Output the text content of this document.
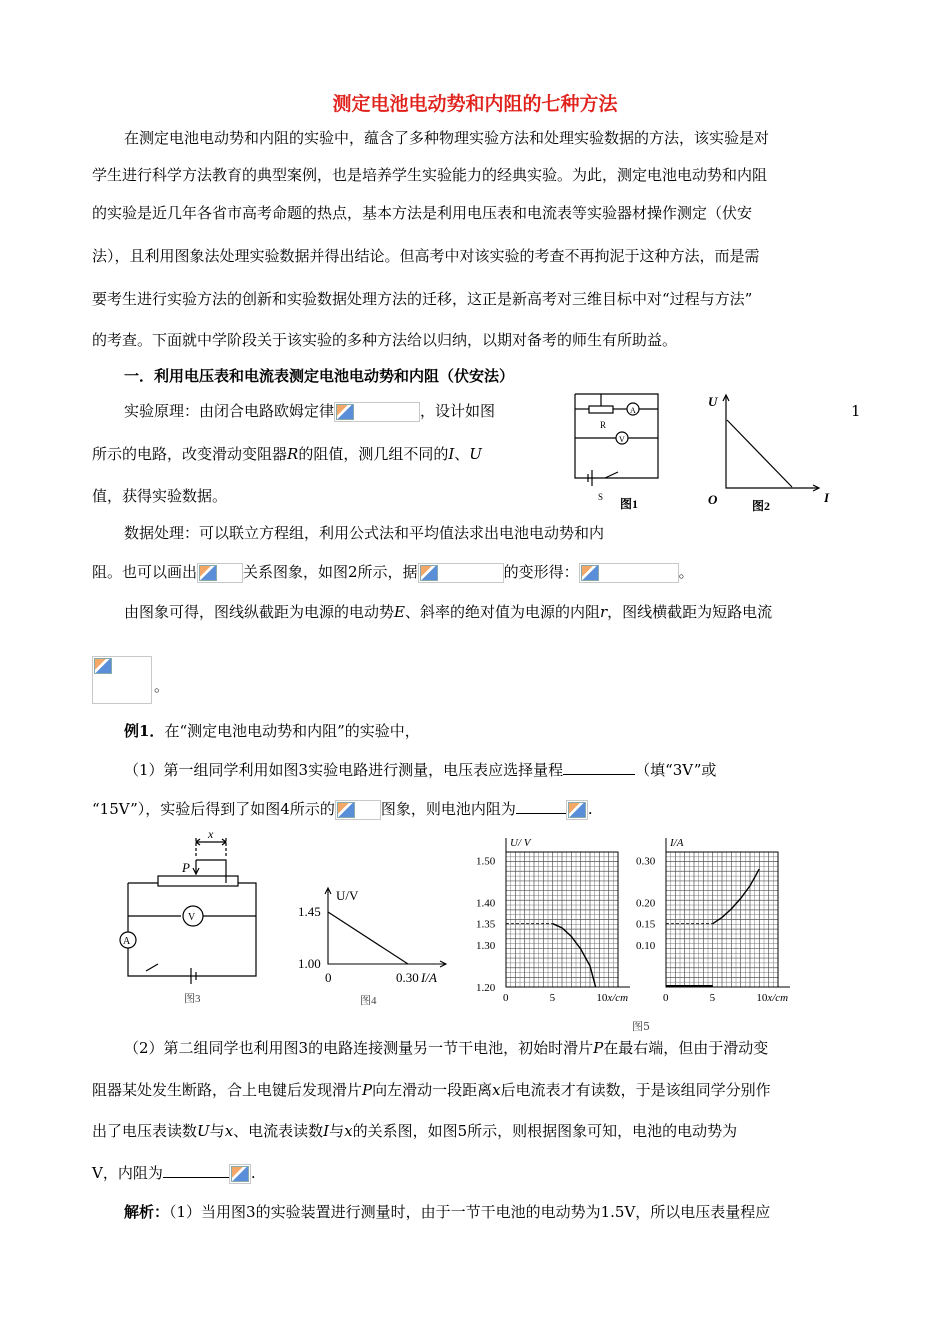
测定电池电动势和内阻的七种方法
在测定电池电动势和内阻的实验中，蕴含了多种物理实验方法和处理实验数据的方法，该实验是对
学生进行科学方法教育的典型案例，也是培养学生实验能力的经典实验。为此，测定电池电动势和内阻
的实验是近几年各省市高考命题的热点，基本方法是利用电压表和电流表等实验器材操作测定（伏安
法），且利用图象法处理实验数据并得出结论。但高考中对该实验的考查不再拘泥于这种方法，而是需
要考生进行实验方法的创新和实验数据处理方法的迁移，这正是新高考对三维目标中对“过程与方法”
的考查。下面就中学阶段关于该实验的多种方法给以归纳，以期对备考的师生有所助益。
一．利用电压表和电流表测定电池电动势和内阻（伏安法）
实验原理：由闭合电路欧姆定律	，设计如图	1
所示的电路，改变滑动变阻器R的阻值，测几组不同的I、U
值，获得实验数据。
R
A
V
S 图1
U
O	I
图2
数据处理：可以联立方程组，利用公式法和平均值法求出电池电动势和内
阻。也可以画出	关系图象，如图2所示，据	的变形得：	。
由图象可得，图线纵截距为电源的电动势E、斜率的绝对值为电源的内阻r，图线横截距为短路电流
。
例1．在“测定电池电动势和内阻”的实验中，
（1）第一组同学利用如图3实验电路进行测量，电压表应选择量程	（填“3V”或
“15V”），实验后得到了如图4所示的	图象，则电池内阻为	.
x
P
V
A
图3
U/V
1.45
1.00
0	0.30 I/A
图4
U/ V
1.20
1.30
1.35
1.40
1.50
0	5	10 x/cm
I/A
0.10
0.15
0.20
0.30
0	5	10 x/cm
图5
（2）第二组同学也利用图3的电路连接测量另一节干电池，初始时滑片P在最右端，但由于滑动变
阻器某处发生断路，合上电键后发现滑片P向左滑动一段距离x后电流表才有读数，于是该组同学分别作
出了电压表读数U与x、电流表读数I与x的关系图，如图5所示，则根据图象可知，电池的电动势为
V，内阻为	.
解析：（1）当用图3的实验装置进行测量时，由于一节干电池的电动势为1.5V，所以电压表量程应
